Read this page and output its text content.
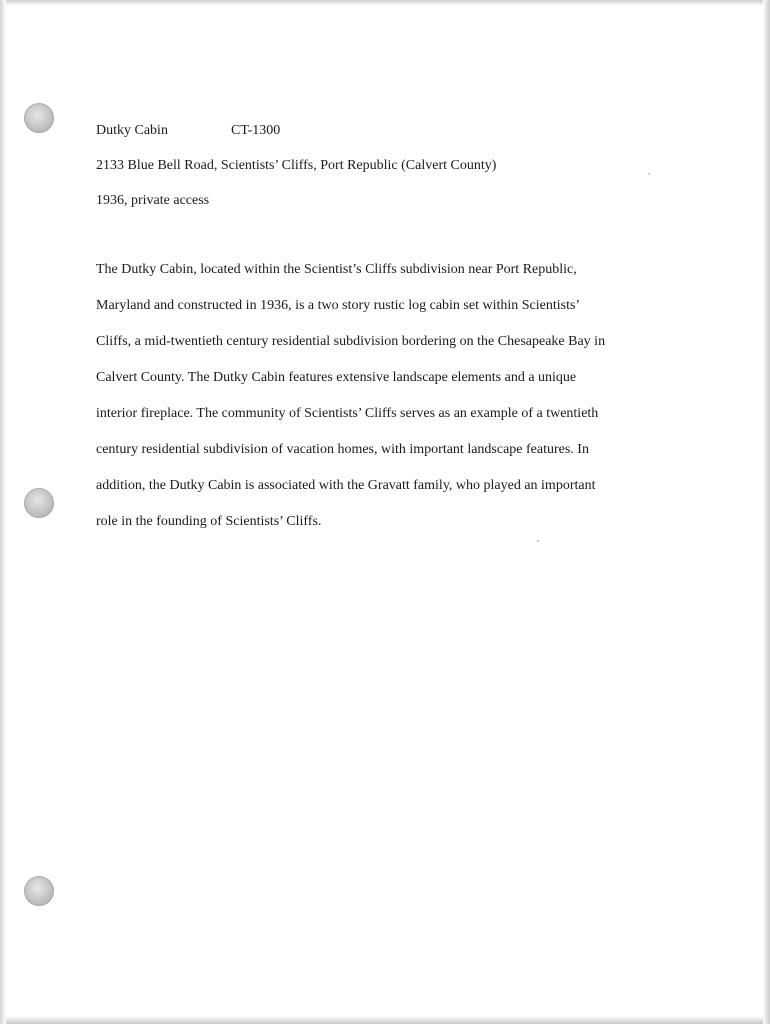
Dutky Cabin	CT-1300
2133 Blue Bell Road, Scientists’ Cliffs, Port Republic (Calvert County)
1936, private access
The Dutky Cabin, located within the Scientist’s Cliffs subdivision near Port Republic,
Maryland and constructed in 1936, is a two story rustic log cabin set within Scientists’
Cliffs, a mid-twentieth century residential subdivision bordering on the Chesapeake Bay in
Calvert County. The Dutky Cabin features extensive landscape elements and a unique
interior fireplace. The community of Scientists’ Cliffs serves as an example of a twentieth
century residential subdivision of vacation homes, with important landscape features. In
addition, the Dutky Cabin is associated with the Gravatt family, who played an important
role in the founding of Scientists’ Cliffs.
